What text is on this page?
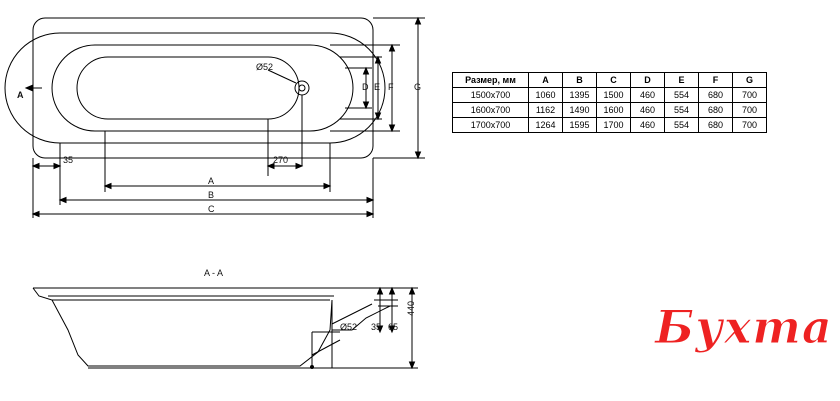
A
Ø52
35	270
A
B
C
D E F G
A - A
Ø52 35 65
440
Размер, мм	A	B	C	D	E	F	G
1500x700	1060	1395	1500	460	554	680	700
1600x700	1162	1490	1600	460	554	680	700
1700x700	1264	1595	1700	460	554	680	700
Бухта
